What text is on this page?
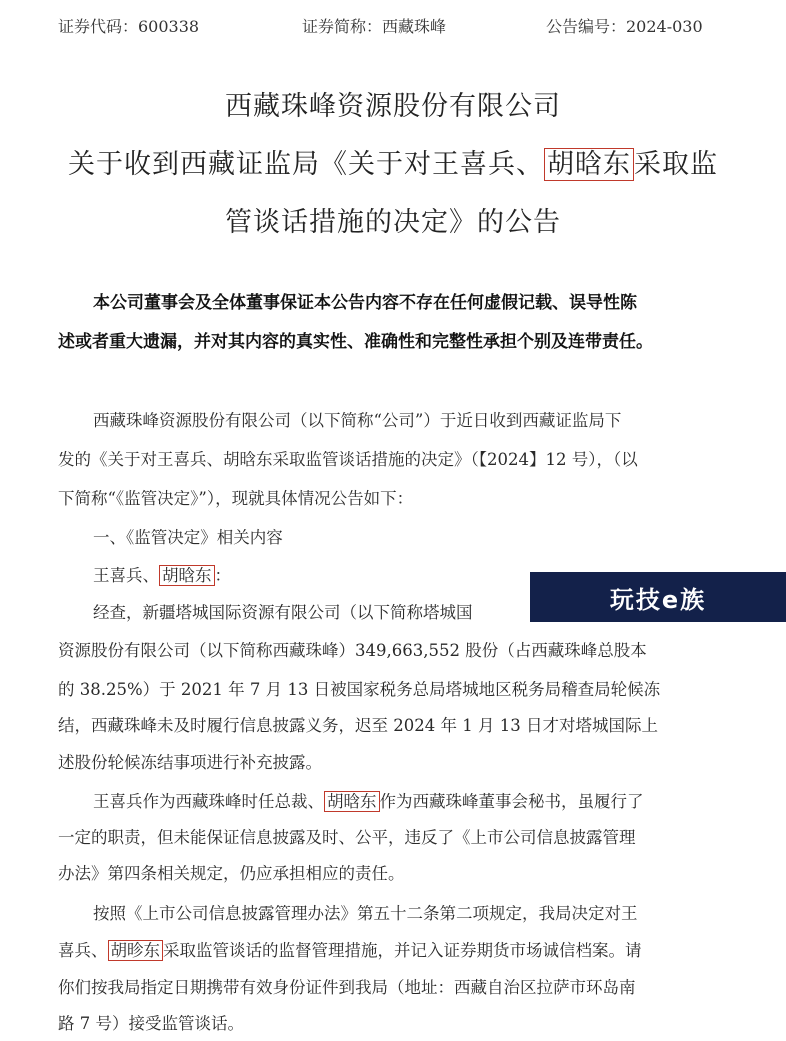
证券代码：600338	证券简称：西藏珠峰	公告编号：2024-030
西藏珠峰资源股份有限公司
关于收到西藏证监局《关于对王喜兵、 胡晗东 采取监
管谈话措施的决定》的公告
本公司董事会及全体董事保证本公告内容不存在任何虚假记载、误导性陈
述或者重大遗漏，并对其内容的真实性、准确性和完整性承担个别及连带责任。
西藏珠峰资源股份有限公司（以下简称“公司”）于近日收到西藏证监局下
发的《关于对王喜兵、胡晗东采取监管谈话措施的决定》（【2024】12 号），（以
下简称“《监管决定》”），现就具体情况公告如下：
一、《监管决定》相关内容
王喜兵、 胡晗东 ：
经查，新疆塔城国际资源有限公司（以下简称塔城国
资源股份有限公司（以下简称西藏珠峰）349,663,552 股份（占西藏珠峰总股本
的 38.25%）于 2021 年 7 月 13 日被国家税务总局塔城地区税务局稽查局轮候冻
结，西藏珠峰未及时履行信息披露义务，迟至 2024 年 1 月 13 日才对塔城国际上
述股份轮候冻结事项进行补充披露。
王喜兵作为西藏珠峰时任总裁、 胡晗东 作为西藏珠峰董事会秘书，虽履行了
一定的职责，但未能保证信息披露及时、公平，违反了《上市公司信息披露管理
办法》第四条相关规定，仍应承担相应的责任。
按照《上市公司信息披露管理办法》第五十二条第二项规定，我局决定对王
喜兵、 胡昣东 采取监管谈话的监督管理措施，并记入证券期货市场诚信档案。请
你们按我局指定日期携带有效身份证件到我局（地址：西藏自治区拉萨市环岛南
路 7 号）接受监管谈话。
玩技e族
